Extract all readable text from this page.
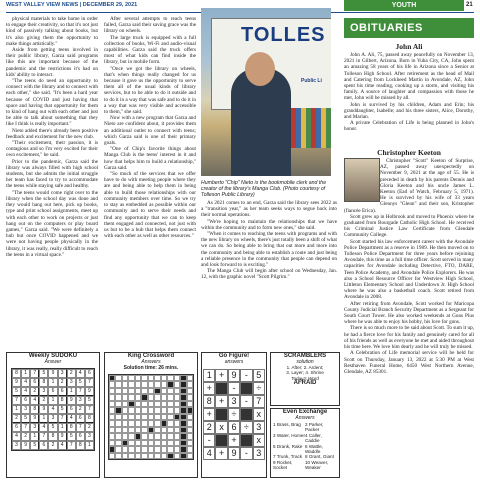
WEST VALLEY VIEW NEWS | DECEMBER 29, 2021	YOUTH	21

physical materials to take home in order to engage their creativity, so that it's not just kind of passively talking about books, but it's also giving them the opportunity to make things artistically."

Aside from getting teens involved in their public library, Garza said programs like this are important because of the pandemic and the restrictions it's had on kids' ability to interact.

"The teens do need an opportunity to connect with the library and to connect with each other," she said. "It's been a hard year because of COVID and just having that space and having that opportunity for them to kind of hang out with each other and just be able to talk about something that they like I think is really important."

Nieto added there's already been positive feedback and excitement for the new club.

"Their excitement, their passion, it is contagious and so I'm very excited for their own excitement," he said.

Prior to the pandemic, Garza said the library was always filled with high school students, but she admits the initial struggle her team has faced to try to accommodate the teens while staying safe and healthy.

"The teens would come right over to the library when the school day was done and they would hang out here, pick up books, type and print school assignments, meet up with each other to work on projects or just hang out on the computers or play board games," Garza said. "We were definitely a hub but once COVID happened and we were not having people physically in the library, it was really, really difficult to reach the teens in a virtual space."

After several attempts to reach teens failed, Garza said their saving grace was the library on wheels.

The large truck is equipped with a full collection of books, Wi-Fi and audio-visual capabilities. Garza said the truck offers most of what kids can find inside the library, but in mobile form.

"Once we got the library on wheels, that's when things really changed for us because it gave us the opportunity to serve them all of the usual kinds of library services, but to be able to do it outside and to do it in a way that was safe and to do it in a way that was very visible and accessible to them," she said.

Now with a new program that Garza and Nieto are confident about, it provides them an additional outlet to connect with teens; which Garza said is one of their primary goals.

"One of Chip's favorite things about Manga Club is the teens' interest in it and how that helps him to build a relationship," Garza said.

"So much of the services that we offer have to do with meeting people where they are and being able to help them in being able to build those relationships with our community members over time. So we try to stay as embedded as possible within our community and to serve their needs and find any opportunity that we can to keep them engaged and connected, not just with us but to be a hub that helps them connect with each other as well as other resources."

TOLLES
Public Li
Humberto "Chip" Nieto is the bookmobile clerk and the creator of the library's Manga Club. (Photo courtesy of Tolleson Public Library)

As 2021 comes to an end, Garza said the library sees 2022 as a "transition year," as her team seeks ways to segue back into their normal operations.

"We're hoping to maintain the relationships that we have within the community and to form new ones," she said.

"When it comes to reaching the teens with programs and with the new library on wheels, there's just totally been a shift of what we can do. So being able to bring that out more and more into the community and being able to establish a route and just being a reliable presence in the community that people can depend on and look forward to is exciting."

The Manga Club will begin after school on Wednesday, Jan. 12, with the graphic novel "Scott Pilgrim."

OBITUARIES
John Ali

John A. Ali, 75, passed away peacefully on November 13, 2021 in Gilbert, Arizona. Born in Yuba City, CA, John spent an amazing 58 years of his life in Arizona since a Senior at Tolleson High School. After retirement as the head of Mail and Catering from Lockheed Martin in Avondale, AZ, John spent his time reading, cooking up a storm, and visiting his family. A source of laughter and compassion with those he met, John will be missed by all.

John is survived by his children, Adam and Erin; his granddaughter, Isabelle; and his three sisters, Alice, Dorothy, and Marian.

A private Celebration of Life is being planned in John's honor.

Christopher Keeton

Christopher "Scott" Keeton of Surprise, AZ, passed away unexpectedly on November 9, 2021 at the age of 55. He is preceded in death by his parents Dennis and Gloria Keeton and his uncle James L. Keeton (Ead of Watch, February 5, 1971). He is survived by his wife of 33 years Glennys "Glenn" and their son, Kristopher (fiancée Erica).

Scott grew up in Holbrook and moved to Phoenix where he graduated from Bourgade Catholic High School. He received his Criminal Justice Law Certificate from Glendale Community College.

Scott started his law enforcement career with the Avondale Police Department as a reserve in 1989. He then moved on to Tolleson Police Department for three years before rejoining Avondale, this time as a full time officer. Scott served in many capacities for Avondale including Detective, FTO, DARE, Teen Police Academy, and Avondale Police Explorers. He was also a School Resource Officer for Westview High School, Littleton Elementary School and Underdown Jr. High School where he was also a basketball coach. Scott retired from Avondale in 2008.

After retiring from Avondale, Scott worked for Maricopa County Judicial Branch Security Department as a Sergeant for South Court Tower. He also worked weekends at Guns Plus where he was able to enjoy his hobby, his love for guns.

There is so much more to be said about Scott. To sum it up, he had a fierce love for his family and genuinely cared for all of his friends as well as everyone he met and aided throughout his time here. We love him dearly and he will truly be missed.

A Celebration of Life memorial service will be held for Scott on Thursday, January 13, 2022 at 5:30 PM at West Resthaven Funeral Home, 6450 West Northern Avenue, Glendale, AZ 85301.

Weekly SUDOKU
Answer
8	1	7	5	9	3	2	4	6
9	4	6	8	1	2	3	5	7
5	4	2	3	6	6	1	7	9
7	6	4	2	1	8	9	3	5
1	3	8	9	4	5	6	2	7
2	5	9	1	3	7	4	6	8
6	7	3	4	5	1	8	7	2
4	2	1	7	8	9	5	6	3
3	9	5	6	2	4	7	8	1
King Crossword
Answers
Solution time: 26 mins.
Go Figure!
answers
1 + 9 - 5
+	-	÷
8 + 3 - 7
+	÷	x
2 x 6 ÷ 3
-	+	x
4 + 9 - 3
SCRAMBLERS
solution
1. After; 2. Ardent;
3. Layer; 4. Shrine
Today's Word
AFRAID
Even Exchange
Answers
1 Brass, Brag 2 Parker, Packer
3 Water, Homer 4 Caller, Caddie
5 Drank, Rake 6 Wattle, Waddle
7 Trunk, Track 8 Grant, Giant
9 Rocket, Socket
10 Weaver, Weaker
